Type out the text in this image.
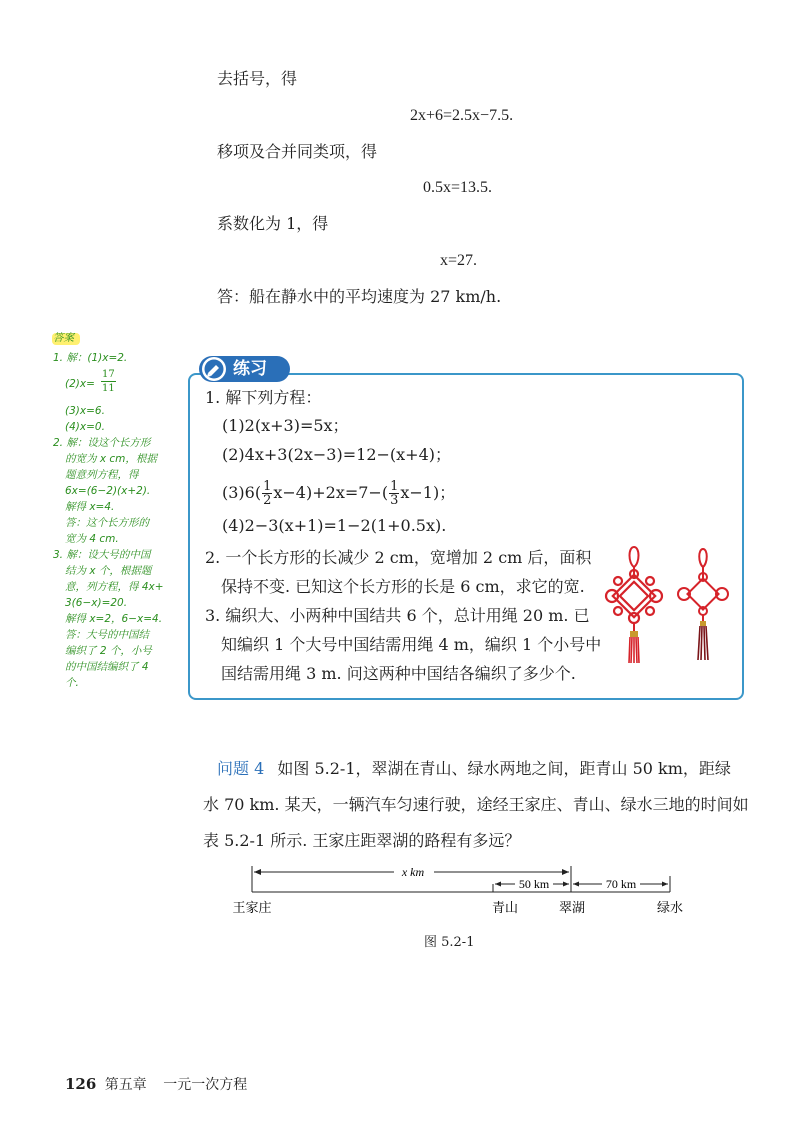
去括号，得
2x+6=2.5x−7.5.
移项及合并同类项，得
0.5x=13.5.
系数化为 1，得
x=27.
答：船在静水中的平均速度为 27 km/h.
答案
1. 解：(1)x=2.
$(2)x= \frac{17}{11}$
(3)x=6.
(4)x=0.
2. 解：设这个长方形
的宽为 x cm，根据
题意列方程，得
6x=(6−2)(x+2).
解得 x=4.
答：这个长方形的
宽为 4 cm.
3. 解：设大号的中国
结为 x 个，根据题
意，列方程，得 4x+
3(6−x)=20.
解得 x=2，6−x=4.
答：大号的中国结
编织了 2 个，小号
的中国结编织了 4
个.
练习
1. 解下列方程：
(1)2(x+3)=5x；
(2)4x+3(2x−3)=12−(x+4)；
$(3)6( \frac{1}{2} x-4)+2x=7-( \frac{1}{3} x-1)$；
(4)2−3(x+1)=1−2(1+0.5x).
2. 一个长方形的长减少 2 cm，宽增加 2 cm 后，面积
保持不变. 已知这个长方形的长是 6 cm，求它的宽.
3. 编织大、小两种中国结共 6 个，总计用绳 20 m. 已
知编织 1 个大号中国结需用绳 4 m，编织 1 个小号中
国结需用绳 3 m. 问这两种中国结各编织了多少个.
问题 4 如图 5.2-1，翠湖在青山、绿水两地之间，距青山 50 km，距绿
水 70 km. 某天，一辆汽车匀速行驶，途经王家庄、青山、绿水三地的时间如
表 5.2-1 所示. 王家庄距翠湖的路程有多远？
x km
50 km	70 km
王家庄	青山	翠湖	绿水
图 5.2-1
126 第五章 一元一次方程
